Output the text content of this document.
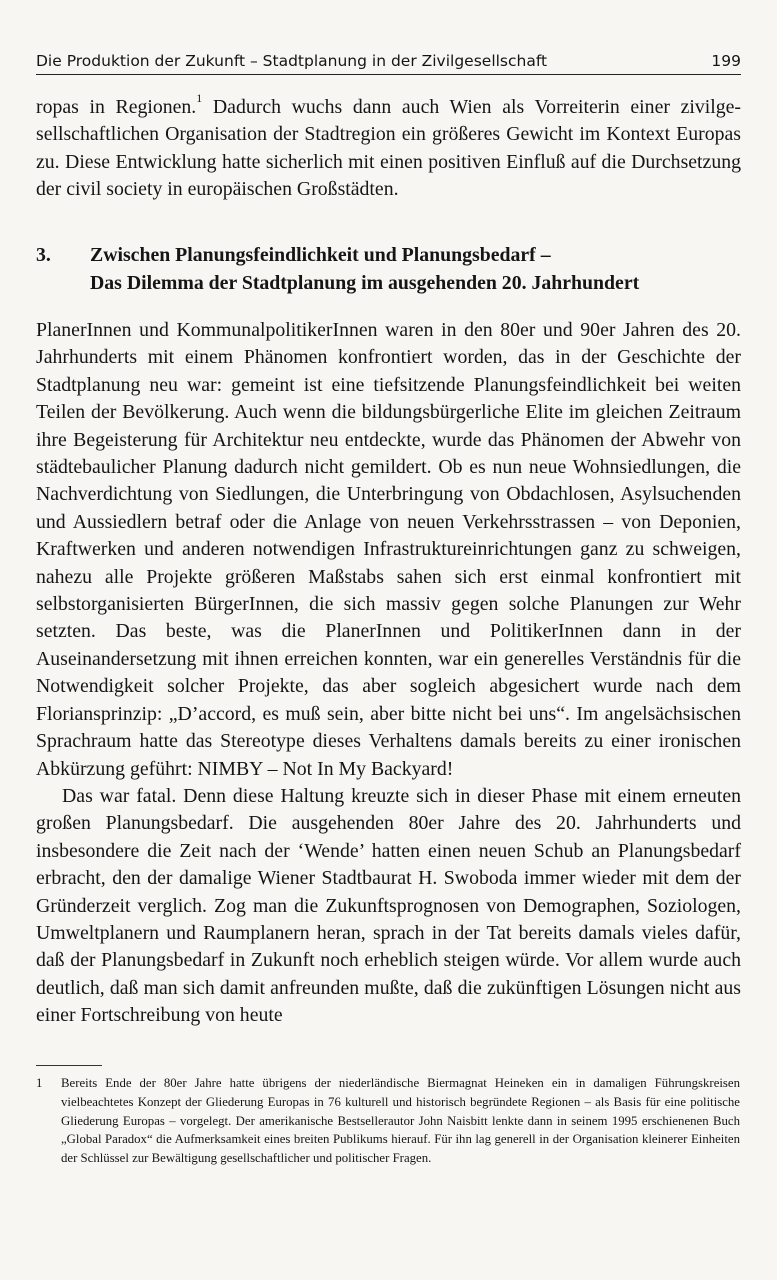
Die Produktion der Zukunft – Stadtplanung in der Zivilgesellschaft	199

ropas in Regionen.$^1$ Dadurch wuchs dann auch Wien als Vorreiterin einer zivilgesellschaftlichen Organisation der Stadtregion ein größeres Gewicht im Kontext Europas zu. Diese Entwicklung hatte sicherlich mit einen positiven Einfluß auf die Durchsetzung der civil society in europäischen Großstädten.

3. Zwischen Planungsfeindlichkeit und Planungsbedarf –
Das Dilemma der Stadtplanung im ausgehenden 20. Jahrhundert

PlanerInnen und KommunalpolitikerInnen waren in den 80er und 90er Jahren des 20. Jahrhunderts mit einem Phänomen konfrontiert worden, das in der Geschichte der Stadtplanung neu war: gemeint ist eine tiefsitzende Planungsfeindlichkeit bei weiten Teilen der Bevölkerung. Auch wenn die bildungsbürgerliche Elite im gleichen Zeitraum ihre Begeisterung für Architektur neu entdeckte, wurde das Phänomen der Abwehr von städtebaulicher Planung dadurch nicht gemildert. Ob es nun neue Wohnsiedlungen, die Nachverdichtung von Siedlungen, die Unterbringung von Obdachlosen, Asylsuchenden und Aussiedlern betraf oder die Anlage von neuen Verkehrsstrassen – von Deponien, Kraftwerken und anderen notwendigen Infrastruktureinrichtungen ganz zu schweigen, nahezu alle Projekte größeren Maßstabs sahen sich erst einmal konfrontiert mit selbstorganisierten BürgerInnen, die sich massiv gegen solche Planungen zur Wehr setzten. Das beste, was die PlanerInnen und PolitikerInnen dann in der Auseinandersetzung mit ihnen erreichen konnten, war ein generelles Verständnis für die Notwendigkeit solcher Projekte, das aber sogleich abgesichert wurde nach dem Floriansprinzip: „D’accord, es muß sein, aber bitte nicht bei uns“. Im angelsächsischen Sprachraum hatte das Stereotype dieses Verhaltens damals bereits zu einer ironischen Abkürzung geführt: NIMBY – Not In My Backyard!

Das war fatal. Denn diese Haltung kreuzte sich in dieser Phase mit einem erneuten großen Planungsbedarf. Die ausgehenden 80er Jahre des 20. Jahrhunderts und insbesondere die Zeit nach der ‘Wende’ hatten einen neuen Schub an Planungsbedarf erbracht, den der damalige Wiener Stadtbaurat H. Swoboda immer wieder mit dem der Gründerzeit verglich. Zog man die Zukunftsprognosen von Demographen, Soziologen, Umweltplanern und Raumplanern heran, sprach in der Tat bereits damals vieles dafür, daß der Planungsbedarf in Zukunft noch erheblich steigen würde. Vor allem wurde auch deutlich, daß man sich damit anfreunden mußte, daß die zukünftigen Lösungen nicht aus einer Fortschreibung von heute

1 Bereits Ende der 80er Jahre hatte übrigens der niederländische Biermagnat Heineken ein in damaligen Führungskreisen vielbeachtetes Konzept der Gliederung Europas in 76 kulturell und historisch begründete Regionen – als Basis für eine politische Gliederung Europas – vorgelegt. Der amerikanische Bestsellerautor John Naisbitt lenkte dann in seinem 1995 erschienenen Buch „Global Paradox“ die Aufmerksamkeit eines breiten Publikums hierauf. Für ihn lag generell in der Organisation kleinerer Einheiten der Schlüssel zur Bewältigung gesellschaftlicher und politischer Fragen.
